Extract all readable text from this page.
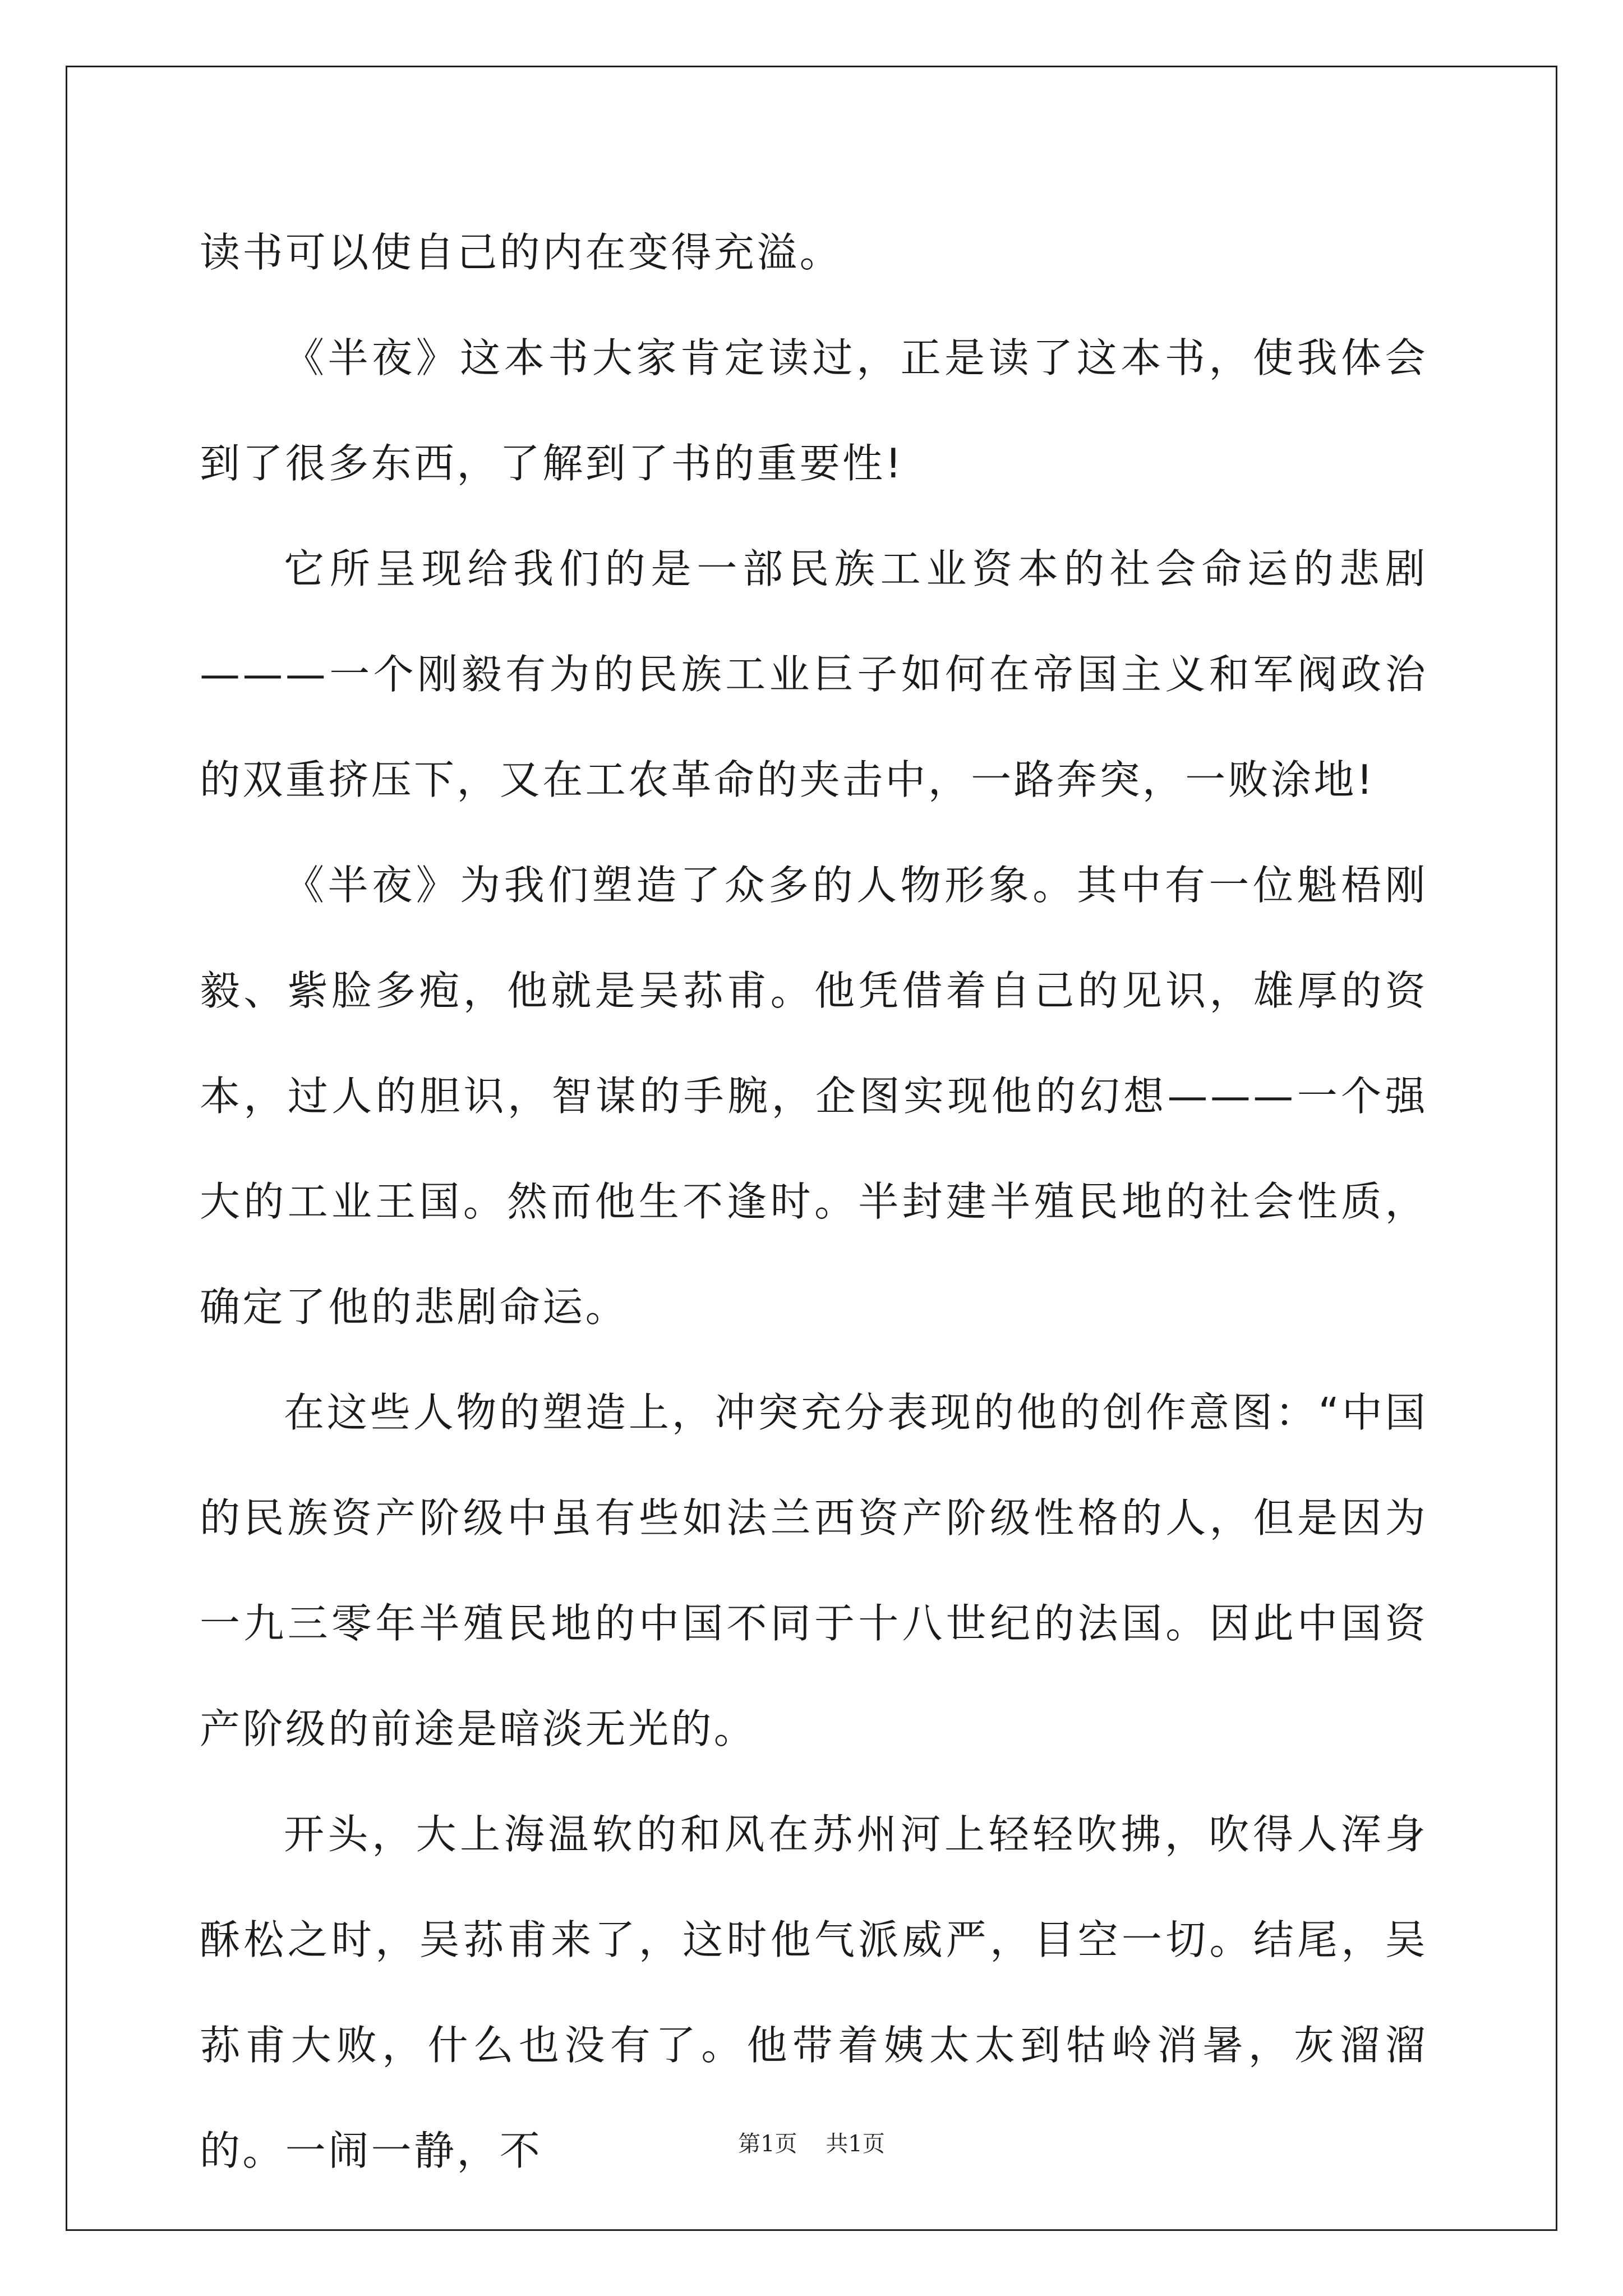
读书可以使自己的内在变得充溢。

《半夜》这本书大家肯定读过，正是读了这本书，使我体会到了很多东西，了解到了书的重要性!

它所呈现给我们的是一部民族工业资本的社会命运的悲剧———一个刚毅有为的民族工业巨子如何在帝国主义和军阀政治的双重挤压下，又在工农革命的夹击中，一路奔突，一败涂地!

《半夜》为我们塑造了众多的人物形象。其中有一位魁梧刚毅、紫脸多疱，他就是吴荪甫。他凭借着自己的见识，雄厚的资本，过人的胆识，智谋的手腕，企图实现他的幻想———一个强大的工业王国。然而他生不逢时。半封建半殖民地的社会性质，确定了他的悲剧命运。

在这些人物的塑造上，冲突充分表现的他的创作意图：“中国的民族资产阶级中虽有些如法兰西资产阶级性格的人，但是因为一九三零年半殖民地的中国不同于十八世纪的法国。因此中国资产阶级的前途是暗淡无光的。

开头，大上海温软的和风在苏州河上轻轻吹拂，吹得人浑身酥松之时，吴荪甫来了，这时他气派威严，目空一切。结尾，吴荪甫大败，什么也没有了。他带着姨太太到牯岭消暑，灰溜溜的。一闹一静，不	第1页 共1页
